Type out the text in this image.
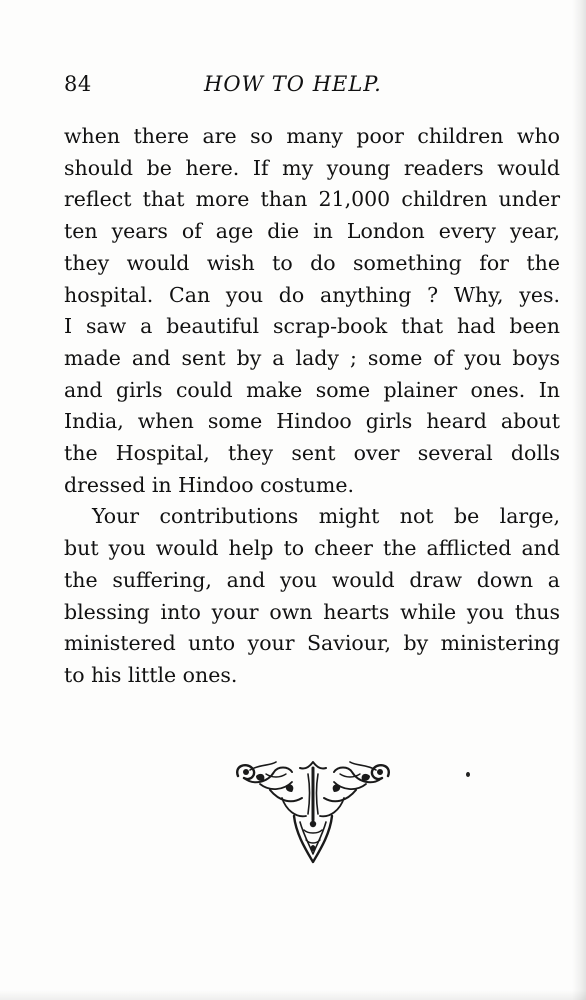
84	HOW TO HELP.

when there are so many poor children who
should be here. If my young readers would
reflect that more than 21,000 children under
ten years of age die in London every year,
they would wish to do something for the
hospital. Can you do anything ? Why, yes.
I saw a beautiful scrap-book that had been
made and sent by a lady ; some of you boys
and girls could make some plainer ones. In
India, when some Hindoo girls heard about
the Hospital, they sent over several dolls
dressed in Hindoo costume.

Your contributions might not be large,
but you would help to cheer the afflicted and
the suffering, and you would draw down a
blessing into your own hearts while you thus
ministered unto your Saviour, by ministering
to his little ones.
